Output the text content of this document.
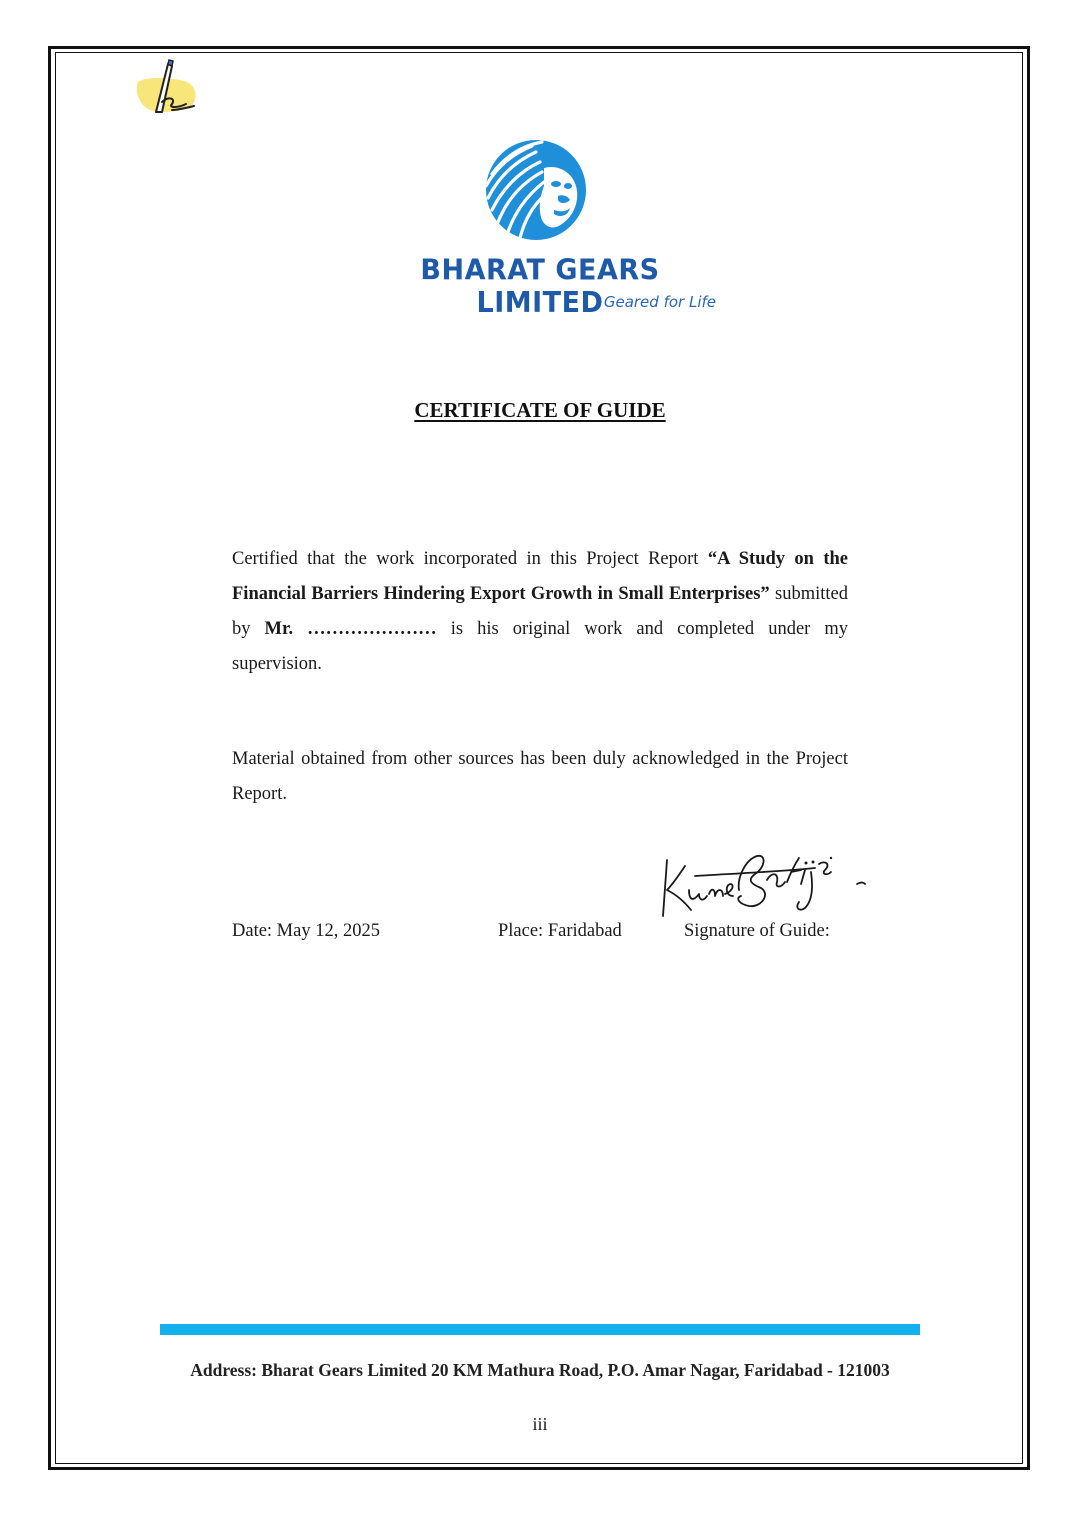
BHARAT GEARS LIMITED Geared for Life
CERTIFICATE OF GUIDE
Certified that the work incorporated in this Project Report “A Study on the Financial Barriers Hindering Export Growth in Small Enterprises” submitted by Mr. ………………… is his original work and completed under my supervision.
Material obtained from other sources has been duly acknowledged in the Project Report.
Date: May 12, 2025	Place: Faridabad	Signature of Guide:
Address: Bharat Gears Limited 20 KM Mathura Road, P.O. Amar Nagar, Faridabad - 121003
iii
